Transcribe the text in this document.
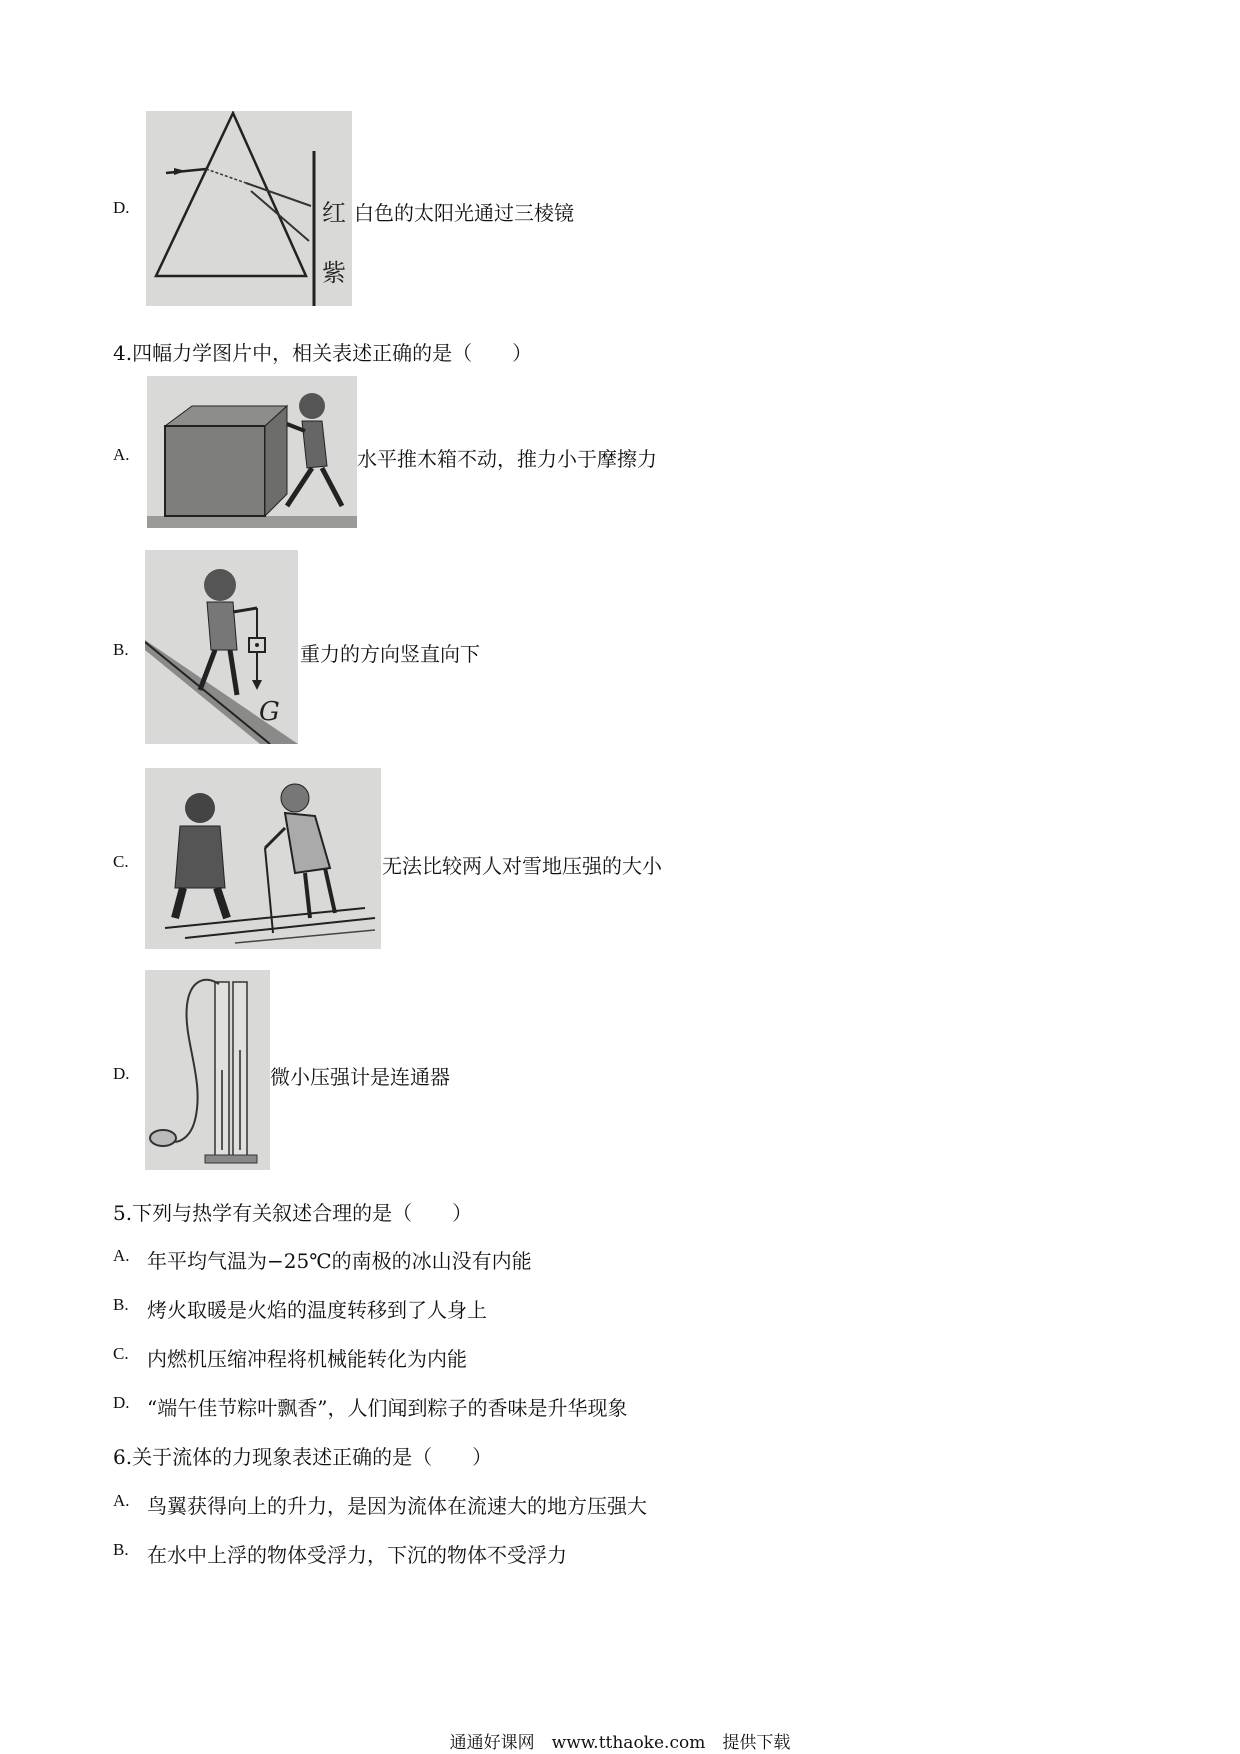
D.	红
紫
白色的太阳光通过三棱镜
4.四幅力学图片中，相关表述正确的是（　　）
A.	水平推木箱不动，推力小于摩擦力
B.
G
重力的方向竖直向下
C.	无法比较两人对雪地压强的大小
D.	微小压强计是连通器
5.下列与热学有关叙述合理的是（　　）
A. 年平均气温为−25℃的南极的冰山没有内能
B. 烤火取暖是火焰的温度转移到了人身上
C. 内燃机压缩冲程将机械能转化为内能
D. “端午佳节粽叶飘香”，人们闻到粽子的香味是升华现象
6.关于流体的力现象表述正确的是（　　）
A. 鸟翼获得向上的升力，是因为流体在流速大的地方压强大
B. 在水中上浮的物体受浮力，下沉的物体不受浮力
通通好课网　www.tthaoke.com　提供下载
